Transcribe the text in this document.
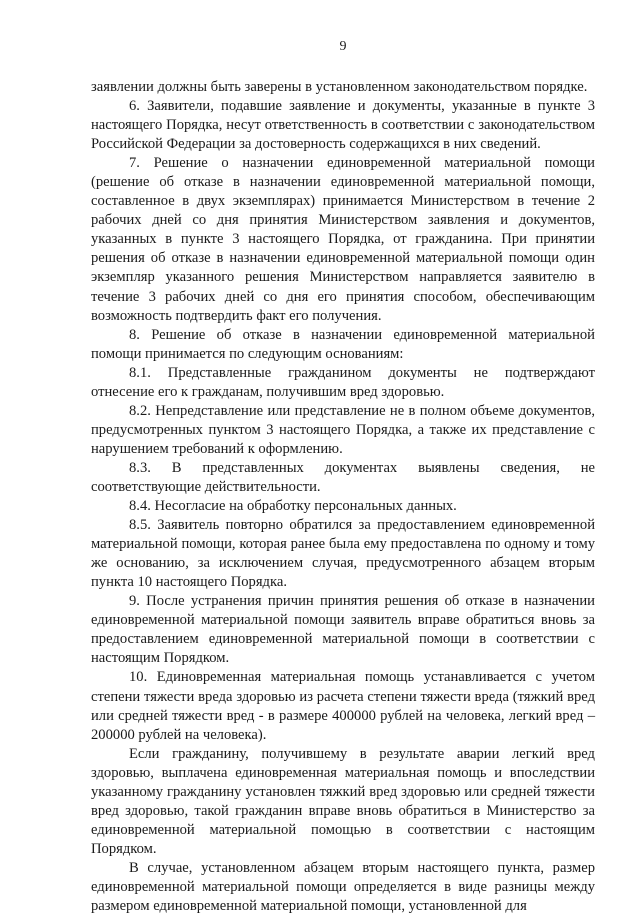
9

заявлении должны быть заверены в установленном законодательством порядке.

6. Заявители, подавшие заявление и документы, указанные в пункте 3 настоящего Порядка, несут ответственность в соответствии с законодательством Российской Федерации за достоверность содержащихся в них сведений.

7. Решение о назначении единовременной материальной помощи (решение об отказе в назначении единовременной материальной помощи, составленное в двух экземплярах) принимается Министерством в течение 2 рабочих дней со дня принятия Министерством заявления и документов, указанных в пункте 3 настоящего Порядка, от гражданина. При принятии решения об отказе в назначении единовременной материальной помощи один экземпляр указанного решения Министерством направляется заявителю в течение 3 рабочих дней со дня его принятия способом, обеспечивающим возможность подтвердить факт его получения.

8. Решение об отказе в назначении единовременной материальной помощи принимается по следующим основаниям:

8.1. Представленные гражданином документы не подтверждают отнесение его к гражданам, получившим вред здоровью.

8.2. Непредставление или представление не в полном объеме документов, предусмотренных пунктом 3 настоящего Порядка, а также их представление с нарушением требований к оформлению.

8.3. В представленных документах выявлены сведения, не соответствующие действительности.

8.4. Несогласие на обработку персональных данных.

8.5. Заявитель повторно обратился за предоставлением единовременной материальной помощи, которая ранее была ему предоставлена по одному и тому же основанию, за исключением случая, предусмотренного абзацем вторым пункта 10 настоящего Порядка.

9. После устранения причин принятия решения об отказе в назначении единовременной материальной помощи заявитель вправе обратиться вновь за предоставлением единовременной материальной помощи в соответствии с настоящим Порядком.

10. Единовременная материальная помощь устанавливается с учетом степени тяжести вреда здоровью из расчета степени тяжести вреда (тяжкий вред или средней тяжести вред - в размере 400000 рублей на человека, легкий вред – 200000 рублей на человека).

Если гражданину, получившему в результате аварии легкий вред здоровью, выплачена единовременная материальная помощь и впоследствии указанному гражданину установлен тяжкий вред здоровью или средней тяжести вред здоровью, такой гражданин вправе вновь обратиться в Министерство за единовременной материальной помощью в соответствии с настоящим Порядком.

В случае, установленном абзацем вторым настоящего пункта, размер единовременной материальной помощи определяется в виде разницы между размером единовременной материальной помощи, установленной для
